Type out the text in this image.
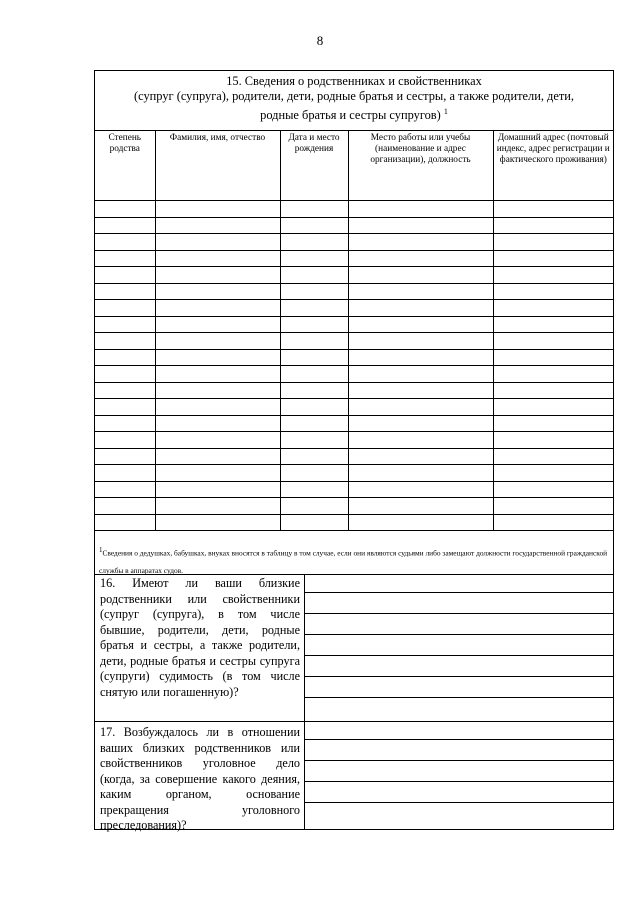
8
15. Сведения о родственниках и свойственниках
(супруг (супруга), родители, дети, родные братья и сестры, а также родители, дети,
родные братья и сестры супругов) $^1$
Степень родства	Фамилия, имя, отчество	Дата и место рождения	Место работы или учебы (наименование и адрес организации), должность	Домашний адрес (почтовый индекс, адрес регистрации и фактического проживания)

$^1$Сведения о дедушках, бабушках, внуках вносятся в таблицу в том случае, если они являются судьями либо замещают должности государственной гражданской службы в аппаратах судов.
16. Имеют ли ваши близкие родственники или свойственники (супруг (супруга), в том числе бывшие, родители, дети, родные братья и сестры, а также родители, дети, родные братья и сестры супруга (супруги) судимость (в том числе снятую или погашенную)?
17. Возбуждалось ли в отношении ваших близких родственников или свойственников уголовное дело (когда, за совершение какого деяния, каким органом, основание прекращения уголовного преследования)?
